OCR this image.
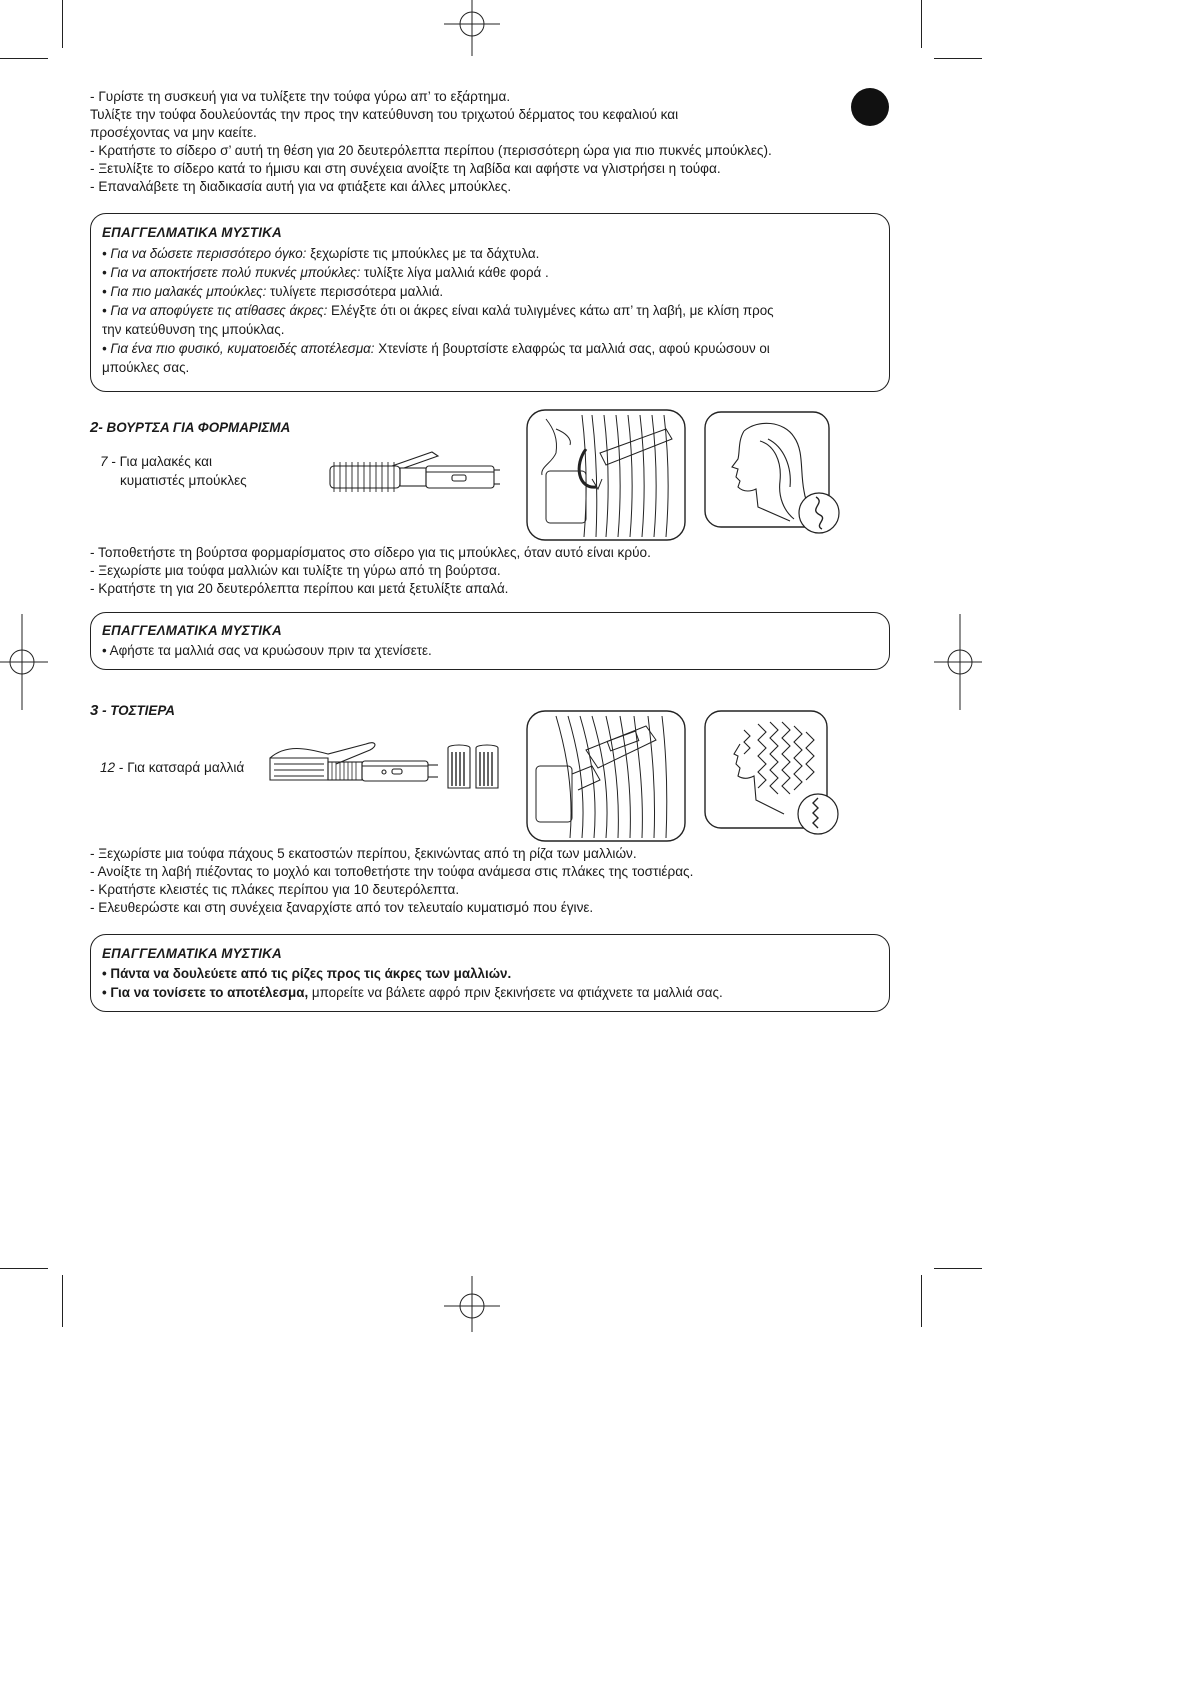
- Γυρίστε τη συσκευή για να τυλίξετε την τούφα γύρω απ’ το εξάρτημα.
Τυλίξτε την τούφα δουλεύοντάς την προς την κατεύθυνση του τριχωτού δέρματος του κεφαλιού και
προσέχοντας να μην καείτε.
- Κρατήστε το σίδερο σ’ αυτή τη θέση για 20 δευτερόλεπτα περίπου (περισσότερη ώρα για πιο πυκνές μπούκλες).
- Ξετυλίξτε το σίδερο κατά το ήμισυ και στη συνέχεια ανοίξτε τη λαβίδα και αφήστε να γλιστρήσει η τούφα.
- Επαναλάβετε τη διαδικασία αυτή για να φτιάξετε και άλλες μπούκλες.
ΕΠΑΓΓΕΛΜΑΤΙΚΑ ΜΥΣΤΙΚΑ
• Για να δώσετε περισσότερο όγκο: ξεχωρίστε τις μπούκλες με τα δάχτυλα.
• Για να αποκτήσετε πολύ πυκνές μπούκλες: τυλίξτε λίγα μαλλιά κάθε φορά .
• Για πιο μαλακές μπούκλες: τυλίγετε περισσότερα μαλλιά.
• Για να αποφύγετε τις ατίθασες άκρες: Ελέγξτε ότι οι άκρες είναι καλά τυλιγμένες κάτω απ’ τη λαβή, με κλίση προς
την κατεύθυνση της μπούκλας.
• Για ένα πιο φυσικό, κυματοειδές αποτέλεσμα: Χτενίστε ή βουρτσίστε ελαφρώς τα μαλλιά σας, αφού κρυώσουν οι
μπούκλες σας.
2- ΒΟΥΡΤΣΑ ΓΙΑ ΦΟΡΜΑΡΙΣΜΑ
7 - Για μαλακές και
κυματιστές μπούκλες
- Τοποθετήστε τη βούρτσα φορμαρίσματος στο σίδερο για τις μπούκλες, όταν αυτό είναι κρύο.
- Ξεχωρίστε μια τούφα μαλλιών και τυλίξτε τη γύρω από τη βούρτσα.
- Κρατήστε τη για 20 δευτερόλεπτα περίπου και μετά ξετυλίξτε απαλά.
ΕΠΑΓΓΕΛΜΑΤΙΚΑ ΜΥΣΤΙΚΑ
• Αφήστε τα μαλλιά σας να κρυώσουν πριν τα χτενίσετε.
3 - ΤΟΣΤΙΕΡΑ
12 - Για κατσαρά μαλλιά
- Ξεχωρίστε μια τούφα πάχους 5 εκατοστών περίπου, ξεκινώντας από τη ρίζα των μαλλιών.
- Ανοίξτε τη λαβή πιέζοντας το μοχλό και τοποθετήστε την τούφα ανάμεσα στις πλάκες της τοστιέρας.
- Κρατήστε κλειστές τις πλάκες περίπου για 10 δευτερόλεπτα.
- Ελευθερώστε και στη συνέχεια ξαναρχίστε από τον τελευταίο κυματισμό που έγινε.
ΕΠΑΓΓΕΛΜΑΤΙΚΑ ΜΥΣΤΙΚΑ
• Πάντα να δουλεύετε από τις ρίζες προς τις άκρες των μαλλιών.
• Για να τονίσετε το αποτέλεσμα, μπορείτε να βάλετε αφρό πριν ξεκινήσετε να φτιάχνετε τα μαλλιά σας.
